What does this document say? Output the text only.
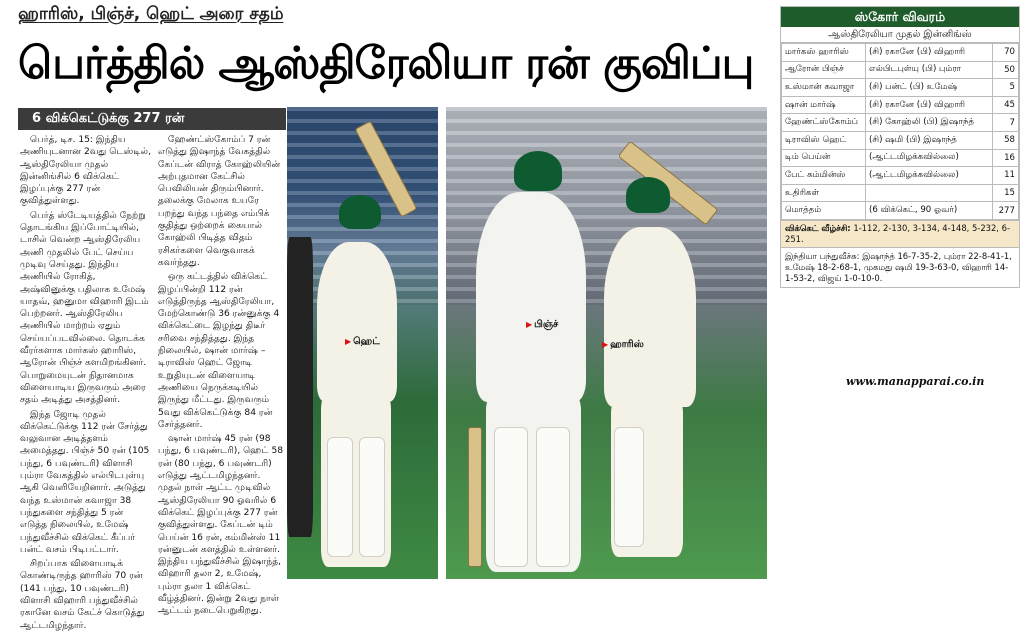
ஹாரிஸ், பிஞ்ச், ஹெட் அரை சதம்
பெர்த்தில் ஆஸ்திரேலியா ரன் குவிப்பு
6 விக்கெட்டுக்கு 277 ரன்
பெர்த், டிச. 15: இந்திய அணியுடனான 2வது டெஸ்டில், ஆஸ்திரேலியா முதல் இன்னிங்சில் 6 விக்கெட் இழப்புக்கு 277 ரன் குவித்துள்ளது.
பெர்த் ஸ்டேடியத்தில் நேற்று தொடங்கிய இப்போட்டியில், டாசில் வென்ற ஆஸ்திரேலிய அணி முதலில் பேட் செய்ய முடிவு செய்தது. இந்திய அணியில் ரோகித், அஷ்வினுக்கு பதிலாக உமேஷ் யாதவ், ஹனுமா விஹாரி இடம் பெற்றனர். ஆஸ்திரேலிய அணியில் மாற்றம் ஏதும் செய்யப்படவில்லை. தொடக்க வீரர்களாக மார்கஸ் ஹாரிஸ், ஆரோன் பிஞ்ச் களமிறங்கினர். பொறுமையுடன் நிதானமாக விளையாடிய இருவரும் அரை சதம் அடித்து அசத்தினர்.
இந்த ஜோடி முதல் விக்கெட்டுக்கு 112 ரன் சேர்த்து வலுவான அடித்தளம் அமைத்தது. பிஞ்ச் 50 ரன் (105 பந்து, 6 பவுண்டரி) விளாசி பும்ரா வேகத்தில் எல்பிடபுள்யு ஆகி வெளியேறினார். அடுத்து வந்த உஸ்மான் கவாஜா 38 பந்துகளை சந்தித்து 5 ரன் எடுத்த நிலையில், உமேஷ் பந்துவீச்சில் விக்கெட் கீப்பர் பன்ட் வசம் பிடிபட்டார்.
சிறப்பாக விளையாடிக் கொண்டிருந்த ஹாரிஸ் 70 ரன் (141 பந்து, 10 பவுண்டரி) விளாசி விஹாரி பந்துவீச்சில் ரகானே வசம் கேட்ச் கொடுத்து ஆட்டமிழந்தார்.
ஹேண்ட்ஸ்கோம்ப் 7 ரன் எடுத்து இஷாந்த் வேகத்தில் கேப்டன் விராத் கோஹ்லியின் அற்புதமான கேட்சில் பெவிலியன் திரும்பினார். தலைக்கு மேலாக உயரே பறந்து வந்த பந்தை எம்பிக் குதித்து ஒற்றைக் கையால் கோஹ்லி பிடித்த விதம் ரசிகர்களை வெகுவாகக் கவர்ந்தது.
ஒரு கட்டத்தில் விக்கெட் இழப்பின்றி 112 ரன் எடுத்திருந்த ஆஸ்திரேலியா, மேற்கொண்டு 36 ரன்னுக்கு 4 விக்கெட்டை இழந்து திடீர் சரிவை சந்தித்தது. இந்த நிலையில், ஷான் மார்ஷ் – டிராவிஸ் ஹெட் ஜோடி உறுதியுடன் விளையாடி அணியை நெருக்கடியில் இருந்து மீட்டது. இருவரும் 5வது விக்கெட்டுக்கு 84 ரன் சேர்த்தனர்.
ஷான் மார்ஷ் 45 ரன் (98 பந்து, 6 பவுண்டரி), ஹெட் 58 ரன் (80 பந்து, 6 பவுண்டரி) எடுத்து ஆட்டமிழந்தனர். முதல் நாள் ஆட்ட முடிவில் ஆஸ்திரேலியா 90 ஓவரில் 6 விக்கெட் இழப்புக்கு 277 ரன் குவித்துள்ளது. கேப்டன் டிம் பெய்ன் 16 ரன், கம்மின்ஸ் 11 ரன்னுடன் களத்தில் உள்ளனர். இந்திய பந்துவீச்சில் இஷாந்த், விஹாரி தலா 2, உமேஷ், பும்ரா தலா 1 விக்கெட் வீழ்த்தினர். இன்று 2வது நாள் ஆட்டம் நடைபெறுகிறது.
▶ ஹெட்
▶ பிஞ்ச்
▶ ஹாரிஸ்
ஸ்கோர் விவரம்
ஆஸ்திரேலியா முதல் இன்னிங்ஸ்
மார்கஸ் ஹாரிஸ்	(சி) ரகானே (பி) விஹாரி	70
ஆரோன் பிஞ்ச்	எல்பிடபுள்யு (பி) பும்ரா	50
உஸ்மான் கவாஜா	(சி) பன்ட் (பி) உமேஷ்	5
ஷான் மார்ஷ்	(சி) ரகானே (பி) விஹாரி	45
ஹேண்ட்ஸ்கோம்ப்	(சி) கோஹ்லி (பி) இஷாந்த்	7
டிராவிஸ் ஹெட்	(சி) ஷமி (பி) இஷாந்த்	58
டிம் பெய்ன்	(ஆட்டமிழக்கவில்லை)	16
பேட் கம்மின்ஸ்	(ஆட்டமிழக்கவில்லை)	11
உதிரிகள்		15
மொத்தம்	(6 விக்கெட், 90 ஓவர்)	277
விக்கெட் வீழ்ச்சி: 1-112, 2-130, 3-134, 4-148, 5-232, 6-251.
இந்தியா பந்துவீச்சு: இஷாந்த் 16-7-35-2, பும்ரா 22-8-41-1, உமேஷ் 18-2-68-1, முகமது ஷமி 19-3-63-0, விஹாரி 14-1-53-2, விஜய் 1-0-10-0.
www.manapparai.co.in
